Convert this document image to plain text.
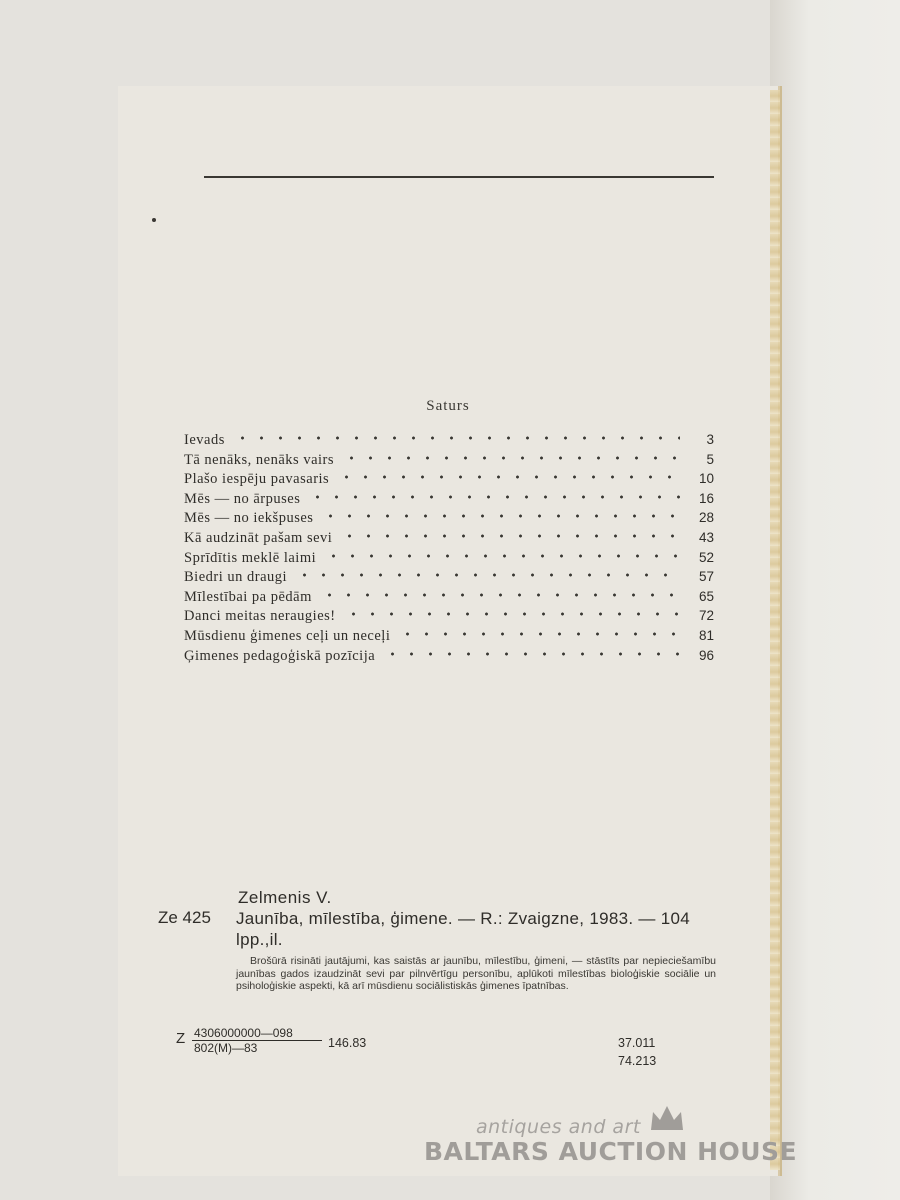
Saturs
Ievads	3
Tā nenāks, nenāks vairs	5
Plašo iespēju pavasaris	10
Mēs — no ārpuses	16
Mēs — no iekšpuses	28
Kā audzināt pašam sevi	43
Sprīdītis meklē laimi	52
Biedri un draugi	57
Mīlestībai pa pēdām	65
Danci meitas neraugies!	72
Mūsdienu ģimenes ceļi un neceļi	81
Ģimenes pedagoģiskā pozīcija	96
Zelmenis V.
Ze 425 Jaunība, mīlestība, ģimene. — R.: Zvaigzne, 1983. — 104 lpp.,il.
Brošūrā risināti jautājumi, kas saistās ar jaunību, mīlestību, ģimeni, — stāstīts par nepieciešamību jaunības gados izaudzināt sevi par pilnvērtīgu personību, aplūkoti mīlestības bioloģiskie sociālie un psiholoģiskie aspekti, kā arī mūsdienu sociālistiskās ģimenes īpatnības.
Z 4306000000—098
802(M)—83	146.83	37.011
74.213
antiques and art
BALTARS AUCTION HOUSE
